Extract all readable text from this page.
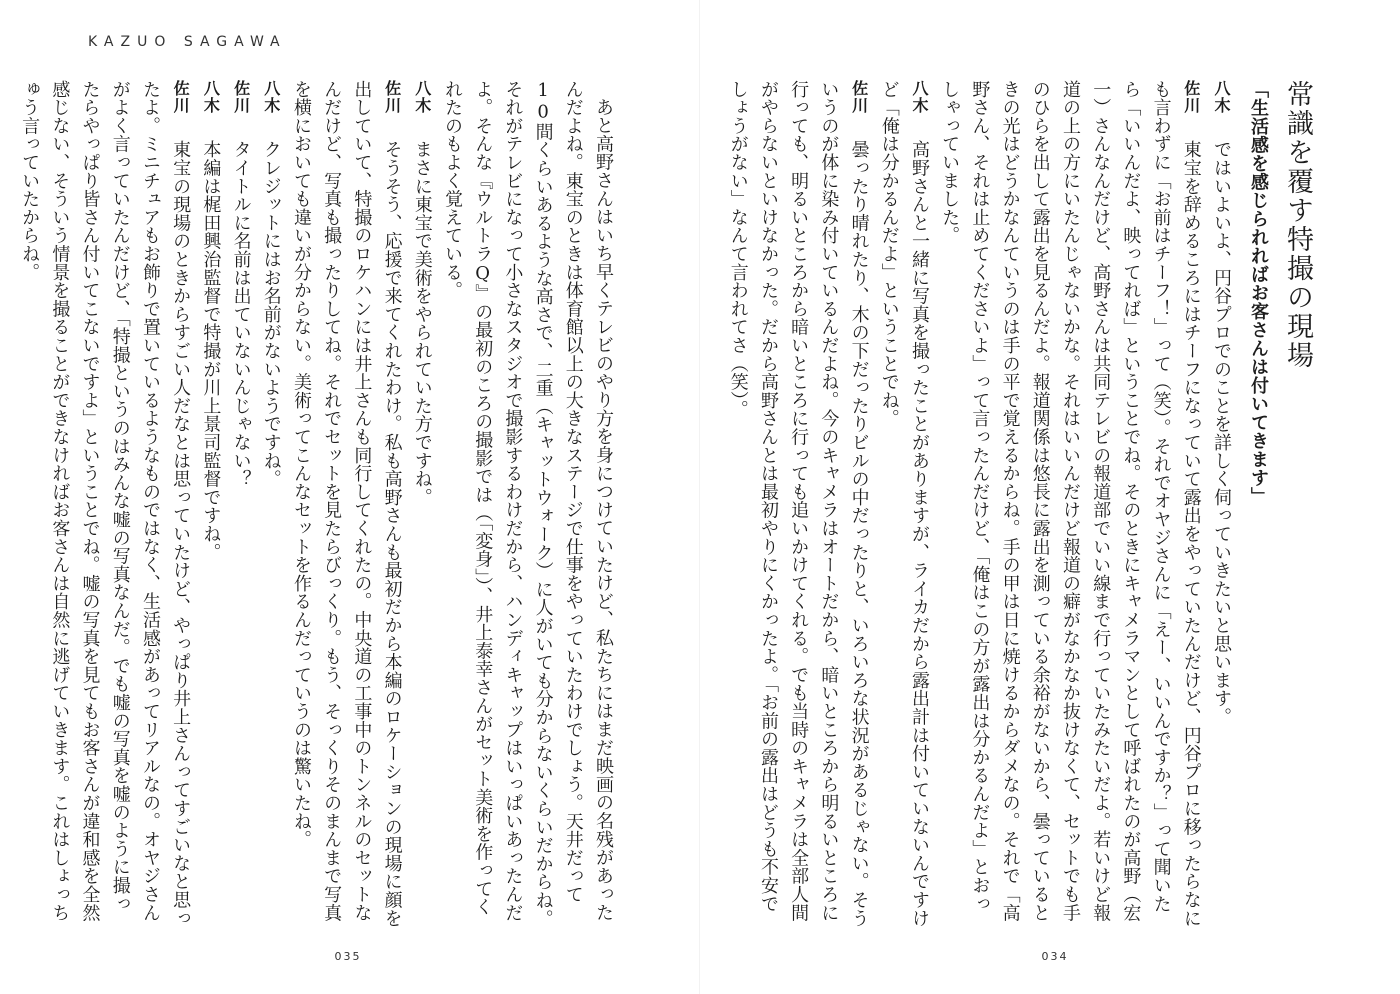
KAZUO SAGAWA

あと高野さんはいち早くテレビのやり方を身につけていたけど、私たちにはまだ映画の名残があったんだよね。東宝のときは体育館以上の大きなステージで仕事をやっていたわけでしょう。天井だって10間くらいあるような高さで、二重（キャットウォーク）に人がいても分からないくらいだからね。それがテレビになって小さなスタジオで撮影するわけだから、ハンディキャップはいっぱいあったんだよ。そんな『ウルトラQ』の最初のころの撮影では（「変身」）、井上泰幸さんがセット美術を作ってくれたのもよく覚えている。

八木　まさに東宝で美術をやられていた方ですね。

佐川　そうそう、応援で来てくれたわけ。私も高野さんも最初だから本編のロケーションの現場に顔を出していて、特撮のロケハンには井上さんも同行してくれたの。中央道の工事中のトンネルのセットなんだけど、写真も撮ったりしてね。それでセットを見たらびっくり。もう、そっくりそのまんまで写真を横においても違いが分からない。美術ってこんなセットを作るんだっていうのは驚いたね。

八木　クレジットにはお名前がないようですね。

佐川　タイトルに名前は出ていないんじゃない？

八木　本編は梶田興治監督で特撮が川上景司監督ですね。

佐川　東宝の現場のときからすごい人だなとは思っていたけど、やっぱり井上さんってすごいなと思ったよ。ミニチュアもお飾りで置いているようなものではなく、生活感があってリアルなの。オヤジさんがよく言っていたんだけど、「特撮というのはみんな嘘の写真なんだ。でも嘘の写真を嘘のように撮ったらやっぱり皆さん付いてこないですよ」ということでね。嘘の写真を見てもお客さんが違和感を全然感じない、そういう情景を撮ることができなければお客さんは自然に逃げていきます。これはしょっちゅう言っていたからね。

035
常識を覆す特撮の現場
「生活感を感じられればお客さんは付いてきます」

八木　ではいよいよ、円谷プロでのことを詳しく伺っていきたいと思います。

佐川　東宝を辞めるころにはチーフになっていて露出をやっていたんだけど、円谷プロに移ったらなにも言わずに「お前はチーフ！」って（笑）。それでオヤジさんに「えー、いいんですか？」って聞いたら「いいんだよ、映ってれば」ということでね。そのときにキャメラマンとして呼ばれたのが高野（宏一）さんなんだけど、高野さんは共同テレビの報道部でいい線まで行っていたみたいだよ。若いけど報道の上の方にいたんじゃないかな。それはいいんだけど報道の癖がなかなか抜けなくて、セットでも手のひらを出して露出を見るんだよ。報道関係は悠長に露出を測っている余裕がないから、曇っているときの光はどうかなんていうのは手の平で覚えるからね。手の甲は日に焼けるからダメなの。それで「高野さん、それは止めてくださいよ」って言ったんだけど、「俺はこの方が露出は分かるんだよ」とおっしゃっていました。

八木　高野さんと一緒に写真を撮ったことがありますが、ライカだから露出計は付いていないんですけど「俺は分かるんだよ」ということでね。

佐川　曇ったり晴れたり、木の下だったりビルの中だったりと、いろいろな状況があるじゃない。そういうのが体に染み付いているんだよね。今のキャメラはオートだから、暗いところから明るいところに行っても、明るいところから暗いところに行っても追いかけてくれる。でも当時のキャメラは全部人間がやらないといけなかった。だから高野さんとは最初やりにくかったよ。「お前の露出はどうも不安でしょうがない」なんて言われてさ（笑）。

034
